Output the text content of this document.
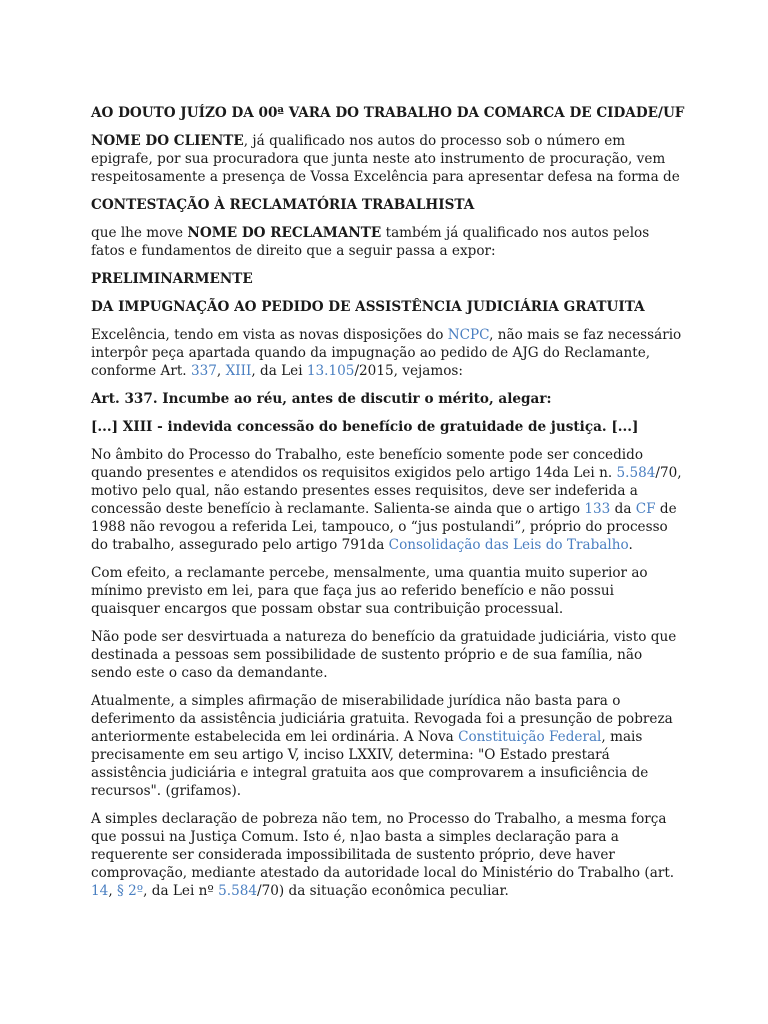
AO DOUTO JUÍZO DA 00ª VARA DO TRABALHO DA COMARCA DE CIDADE/UF

NOME DO CLIENTE, já qualificado nos autos do processo sob o número em epigrafe, por sua procuradora que junta neste ato instrumento de procuração, vem respeitosamente a presença de Vossa Excelência para apresentar defesa na forma de

CONTESTAÇÃO À RECLAMATÓRIA TRABALHISTA

que lhe move NOME DO RECLAMANTE também já qualificado nos autos pelos fatos e fundamentos de direito que a seguir passa a expor:

PRELIMINARMENTE

DA IMPUGNAÇÃO AO PEDIDO DE ASSISTÊNCIA JUDICIÁRIA GRATUITA

Excelência, tendo em vista as novas disposições do NCPC, não mais se faz necessário interpôr peça apartada quando da impugnação ao pedido de AJG do Reclamante, conforme Art. 337, XIII, da Lei 13.105/2015, vejamos:

Art. 337. Incumbe ao réu, antes de discutir o mérito, alegar:

[...] XIII - indevida concessão do benefício de gratuidade de justiça. [...]

No âmbito do Processo do Trabalho, este benefício somente pode ser concedido quando presentes e atendidos os requisitos exigidos pelo artigo 14da Lei n. 5.584/70, motivo pelo qual, não estando presentes esses requisitos, deve ser indeferida a concessão deste benefício à reclamante. Salienta-se ainda que o artigo 133 da CF de 1988 não revogou a referida Lei, tampouco, o “jus postulandi”, próprio do processo do trabalho, assegurado pelo artigo 791da Consolidação das Leis do Trabalho.

Com efeito, a reclamante percebe, mensalmente, uma quantia muito superior ao mínimo previsto em lei, para que faça jus ao referido benefício e não possui quaisquer encargos que possam obstar sua contribuição processual.

Não pode ser desvirtuada a natureza do benefício da gratuidade judiciária, visto que destinada a pessoas sem possibilidade de sustento próprio e de sua família, não sendo este o caso da demandante.

Atualmente, a simples afirmação de miserabilidade jurídica não basta para o deferimento da assistência judiciária gratuita. Revogada foi a presunção de pobreza anteriormente estabelecida em lei ordinária. A Nova Constituição Federal, mais precisamente em seu artigo V, inciso LXXIV, determina: "O Estado prestará assistência judiciária e integral gratuita aos que comprovarem a insuficiência de recursos". (grifamos).

A simples declaração de pobreza não tem, no Processo do Trabalho, a mesma força que possui na Justiça Comum. Isto é, n]ao basta a simples declaração para a requerente ser considerada impossibilitada de sustento próprio, deve haver comprovação, mediante atestado da autoridade local do Ministério do Trabalho (art. 14, § 2º, da Lei nº 5.584/70) da situação econômica peculiar.
